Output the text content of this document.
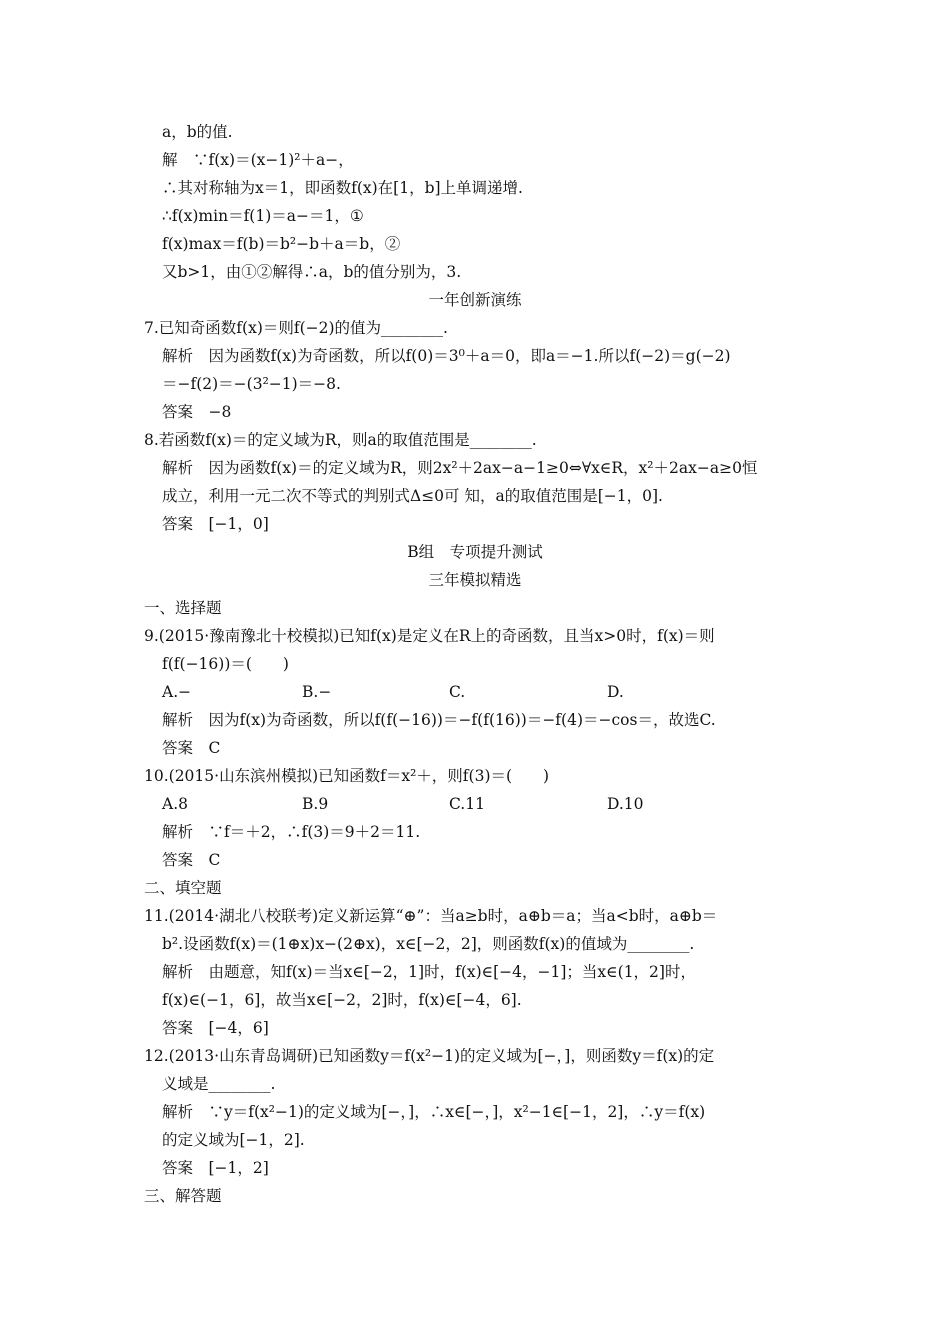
a，b的值.
解　∵f(x)＝(x−1)²＋a−，
∴其对称轴为x＝1，即函数f(x)在[1，b]上单调递增.
∴f(x)min＝f(1)＝a−＝1，①
f(x)max＝f(b)＝b²−b＋a＝b，②
又b>1，由①②解得∴a，b的值分别为，3.
一年创新演练
7.已知奇函数f(x)＝则f(−2)的值为________.
解析　因为函数f(x)为奇函数，所以f(0)＝3⁰＋a＝0，即a＝−1.所以f(−2)＝g(−2)
＝−f(2)＝−(3²−1)＝−8.
答案　−8
8.若函数f(x)＝的定义域为R，则a的取值范围是________.
解析　因为函数f(x)＝的定义域为R，则2x²＋2ax−a−1≥0⇔∀x∈R，x²＋2ax−a≥0恒
成立，利用一元二次不等式的判别式Δ≤0可 知，a的取值范围是[−1，0].
答案　[−1，0]
B组　专项提升测试
三年模拟精选
一、选择题
9.(2015·豫南豫北十校模拟)已知f(x)是定义在R上的奇函数，且当x>0时，f(x)＝则
f(f(−16))＝(　　)
A.−	B.−	C.	D.
解析　因为f(x)为奇函数，所以f(f(−16))＝−f(f(16))＝−f(4)＝−cos＝，故选C.
答案　C
10.(2015·山东滨州模拟)已知函数f＝x²＋，则f(3)＝(　　)
A.8	B.9	C.11	D.10
解析　∵f＝＋2，∴f(3)＝9＋2＝11.
答案　C
二、填空题
11.(2014·湖北八校联考)定义新运算“⊕”：当a≥b时，a⊕b＝a；当a<b时，a⊕b＝
b².设函数f(x)＝(1⊕x)x−(2⊕x)，x∈[−2，2]，则函数f(x)的值域为________.
解析　由题意，知f(x)＝当x∈[−2，1]时，f(x)∈[−4，−1]；当x∈(1，2]时，
f(x)∈(−1，6]，故当x∈[−2，2]时，f(x)∈[−4，6].
答案　[−4，6]
12.(2013·山东青岛调研)已知函数y＝f(x²−1)的定义域为[−，]，则函数y＝f(x)的定
义域是________.
解析　∵y＝f(x²−1)的定义域为[−，]，∴x∈[−，]，x²−1∈[−1，2]，∴y＝f(x)
的定义域为[−1，2].
答案　[−1，2]
三、解答题
